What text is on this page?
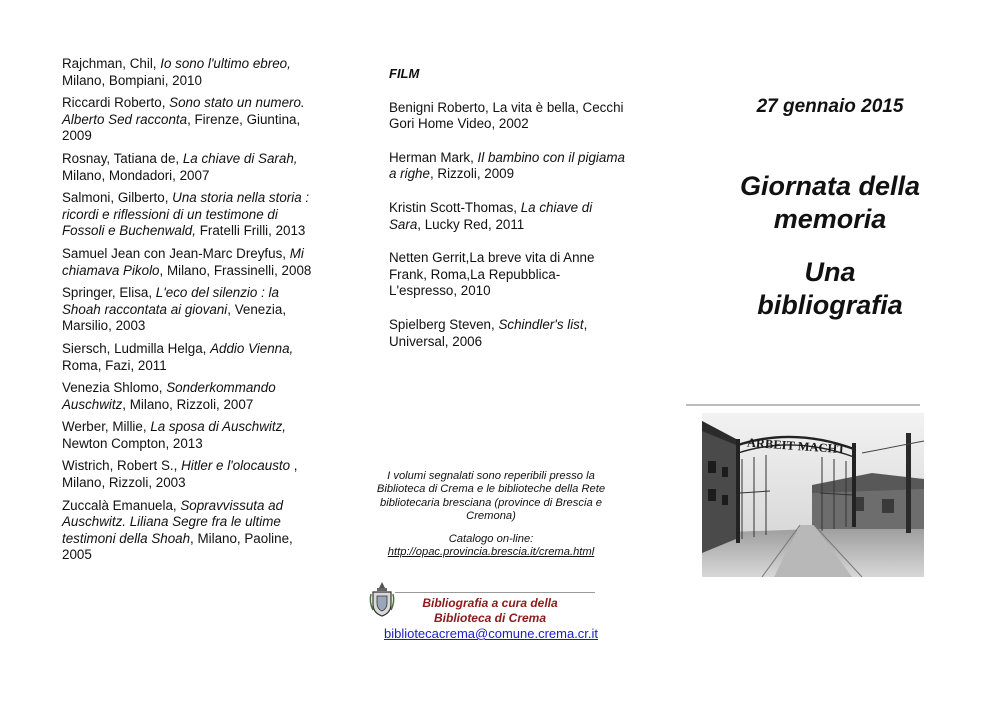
Rajchman, Chil, Io sono l'ultimo ebreo, Milano, Bompiani, 2010
Riccardi Roberto, Sono stato un numero. Alberto Sed racconta, Firenze, Giuntina, 2009
Rosnay, Tatiana de, La chiave di Sarah, Milano, Mondadori, 2007
Salmoni, Gilberto, Una storia nella storia : ricordi e riflessioni di un testimone di Fossoli e Buchenwald, Fratelli Frilli, 2013
Samuel Jean con Jean-Marc Dreyfus, Mi chiamava Pikolo, Milano, Frassinelli, 2008
Springer, Elisa, L'eco del silenzio : la Shoah raccontata ai giovani, Venezia, Marsilio, 2003
Siersch, Ludmilla Helga, Addio Vienna, Roma, Fazi, 2011
Venezia Shlomo, Sonderkommando Auschwitz, Milano, Rizzoli, 2007
Werber, Millie, La sposa di Auschwitz, Newton Compton, 2013
Wistrich, Robert S., Hitler e l'olocausto , Milano, Rizzoli, 2003
Zuccalà Emanuela, Sopravvissuta ad Auschwitz. Liliana Segre fra le ultime testimoni della Shoah, Milano, Paoline, 2005
FILM
Benigni Roberto, La vita è bella, Cecchi Gori Home Video, 2002
Herman Mark, Il bambino con il pigiama a righe, Rizzoli, 2009
Kristin Scott-Thomas, La chiave di Sara, Lucky Red, 2011
Netten Gerrit,La breve vita di Anne Frank, Roma,La Repubblica-L'espresso, 2010
Spielberg Steven, Schindler's list, Universal, 2006

I volumi segnalati sono reperibili presso la Biblioteca di Crema e le biblioteche della Rete bibliotecaria bresciana (province di Brescia e Cremona)

Catalogo on-line:

http://opac.provincia.brescia.it/crema.html
Bibliografia a cura della
Biblioteca di Crema
bibliotecacrema@comune.crema.cr.it
27 gennaio 2015
Giornata della
memoria
Una
bibliografia
ARBEIT MACHT
